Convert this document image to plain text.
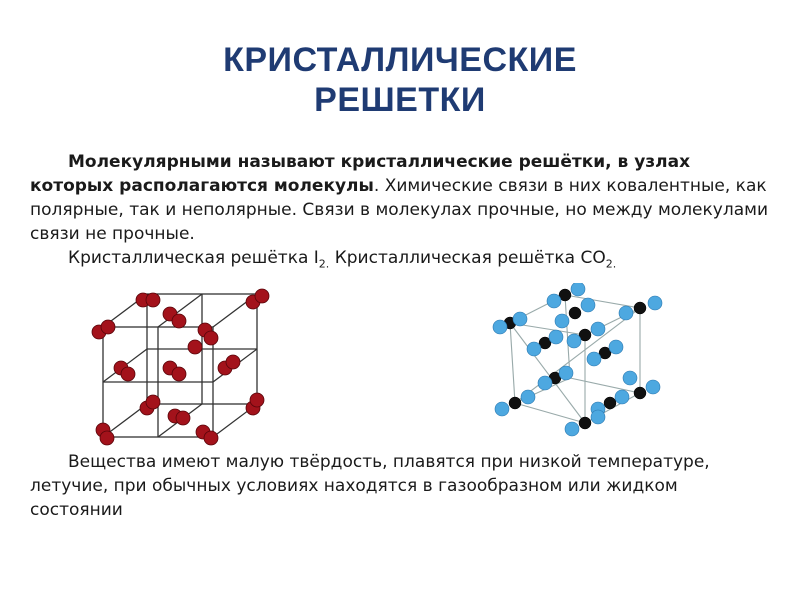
КРИСТАЛЛИЧЕСКИЕ
РЕШЕТКИ
Молекулярными называют кристаллические решётки, в узлах которых располагаются молекулы. Химические связи в них ковалентные, как полярные, так и неполярные. Связи в молекулах прочные, но между молекулами связи не прочные.
Кристаллическая решётка $I_{2.}$ Кристаллическая решётка $CO_{2.}$
Вещества имеют малую твёрдость, плавятся при низкой температуре, летучие, при обычных условиях находятся в газообразном или жидком состоянии
